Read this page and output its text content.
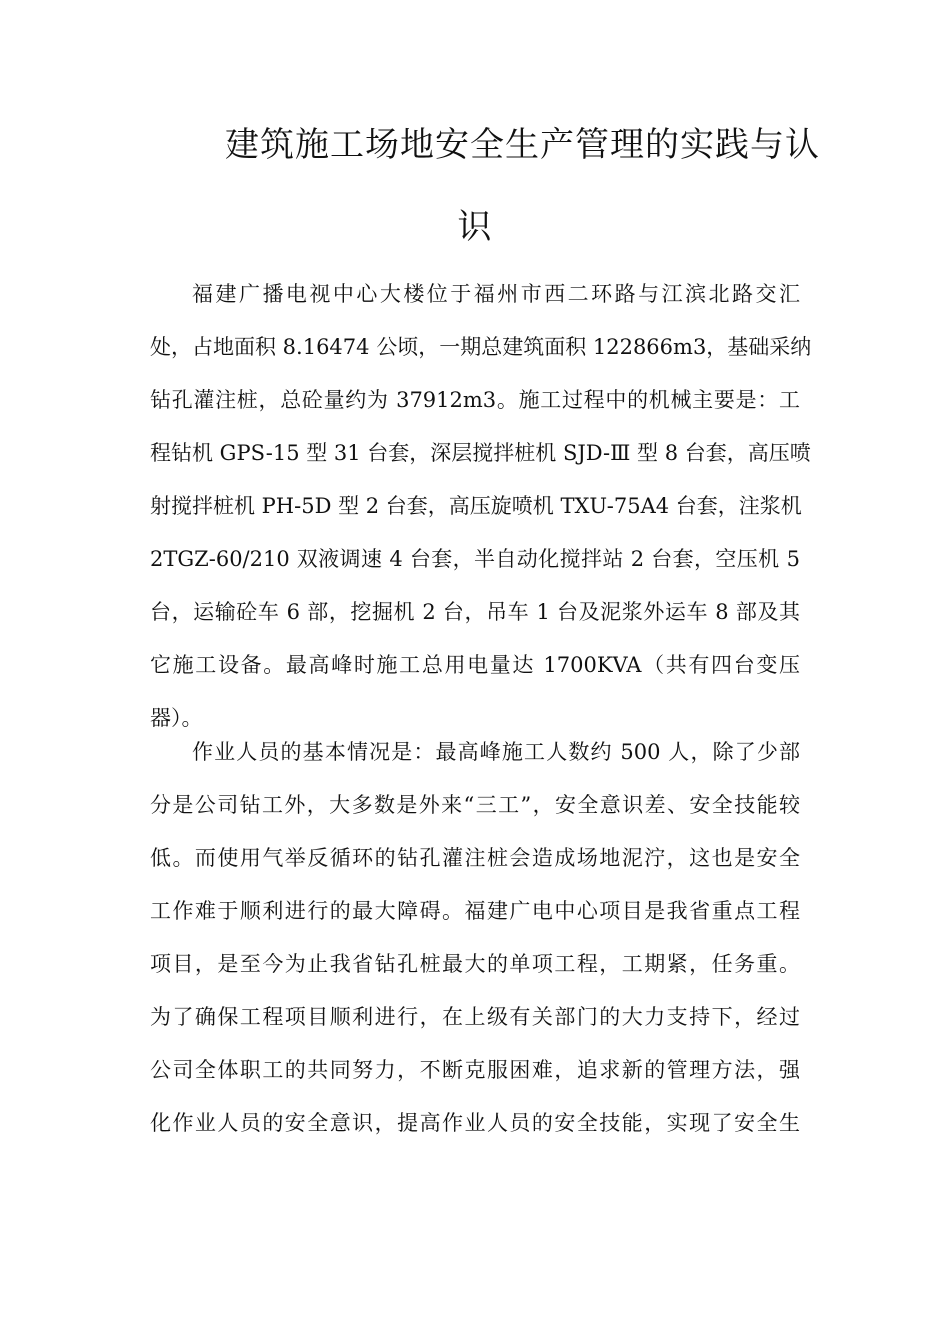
建筑施工场地安全生产管理的实践与认
识
福建广播电视中心大楼位于福州市西二环路与江滨北路交汇
处，占地面积 8.16474 公顷，一期总建筑面积 122866m3，基础采纳
钻孔灌注桩，总砼量约为 37912m3。施工过程中的机械主要是：工
程钻机 GPS-15 型 31 台套，深层搅拌桩机 SJD-Ⅲ 型 8 台套，高压喷
射搅拌桩机 PH-5D 型 2 台套，高压旋喷机 TXU-75A4 台套，注浆机
2TGZ-60/210 双液调速 4 台套，半自动化搅拌站 2 台套，空压机 5
台，运输砼车 6 部，挖掘机 2 台，吊车 1 台及泥浆外运车 8 部及其
它施工设备。最高峰时施工总用电量达 1700KVA（共有四台变压
器）。
作业人员的基本情况是：最高峰施工人数约 500 人，除了少部
分是公司钻工外，大多数是外来“三工”，安全意识差、安全技能较
低。而使用气举反循环的钻孔灌注桩会造成场地泥泞，这也是安全
工作难于顺利进行的最大障碍。福建广电中心项目是我省重点工程
项目，是至今为止我省钻孔桩最大的单项工程，工期紧，任务重。
为了确保工程项目顺利进行，在上级有关部门的大力支持下，经过
公司全体职工的共同努力，不断克服困难，追求新的管理方法，强
化作业人员的安全意识，提高作业人员的安全技能，实现了安全生
